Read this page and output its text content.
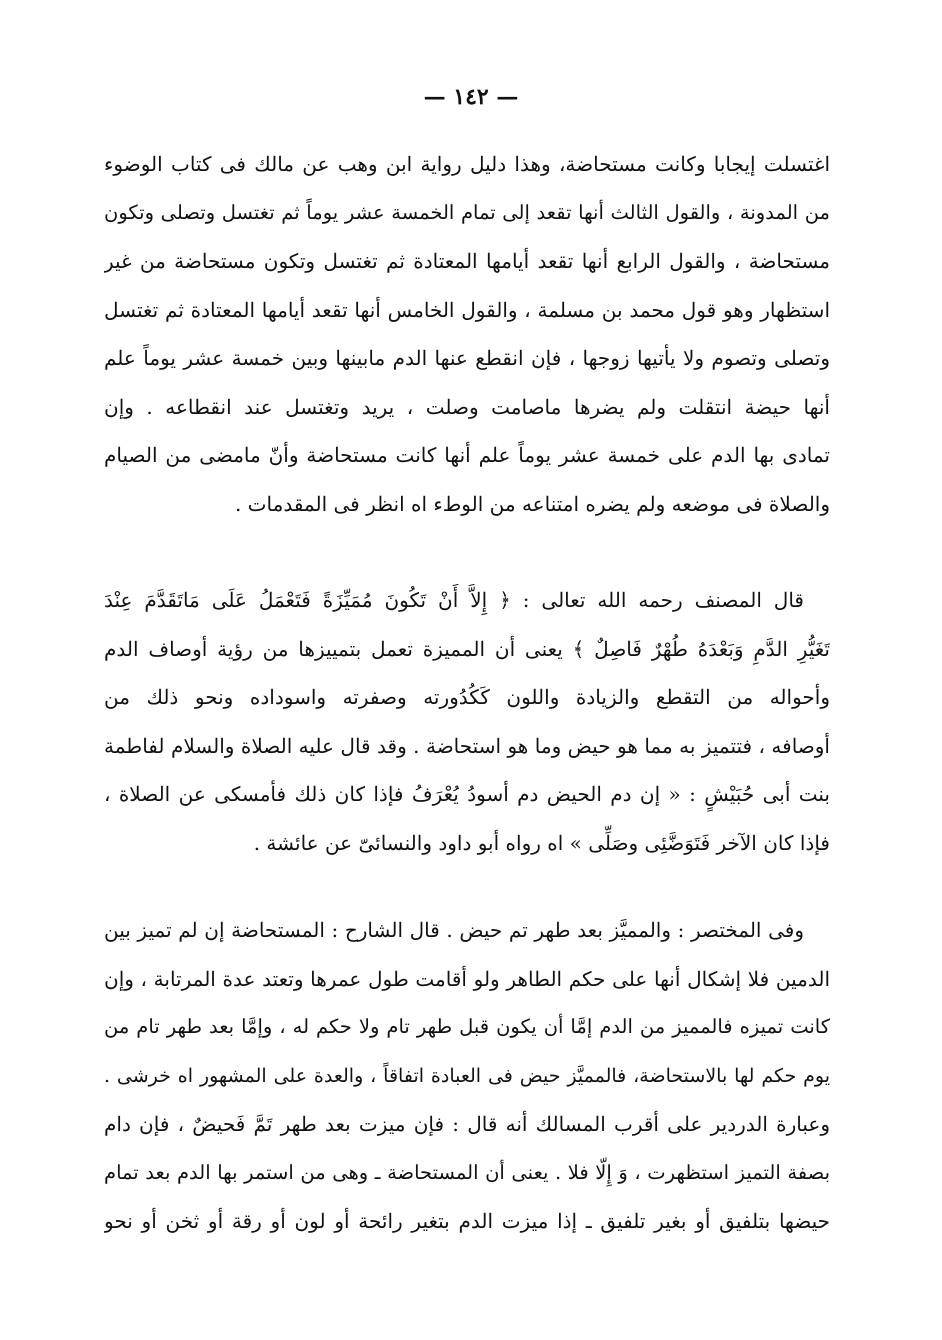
— ١٤٢ —
اغتسلت إيجابا وكانت مستحاضة، وهذا دليل رواية ابن وهب عن مالك فى كتاب الوضوء
من المدونة ، والقول الثالث أنها تقعد إلى تمام الخمسة عشر يوماً ثم تغتسل وتصلى وتكون
مستحاضة ، والقول الرابع أنها تقعد أيامها المعتادة ثم تغتسل وتكون مستحاضة من غير
استظهار وهو قول محمد بن مسلمة ، والقول الخامس أنها تقعد أيامها المعتادة ثم تغتسل
وتصلى وتصوم ولا يأتيها زوجها ، فإن انقطع عنها الدم مابينها وبين خمسة عشر يوماً علم
أنها حيضة انتقلت ولم يضرها ماصامت وصلت ، يريد وتغتسل عند انقطاعه . وإن
تمادى بها الدم على خمسة عشر يوماً علم أنها كانت مستحاضة وأنّ مامضى من الصيام
والصلاة فى موضعه ولم يضره امتناعه من الوطء اه انظر فى المقدمات .
قال المصنف رحمه الله تعالى : ﴿ إِلاَّ أَنْ تَكُونَ مُمَيِّزَةً فَتَعْمَلُ عَلَى مَاتَقَدَّمَ عِنْدَ
تَغَيُّرِ الدَّمِ وَبَعْدَهُ طُهْرٌ فَاصِلٌ ﴾ يعنى أن المميزة تعمل بتمييزها من رؤية أوصاف الدم
وأحواله من التقطع والزيادة واللون كَكُدُورته وصفرته واسوداده ونحو ذلك من
أوصافه ، فتتميز به مما هو حيض وما هو استحاضة . وقد قال عليه الصلاة والسلام لفاطمة
بنت أبى حُبَيْشٍ : « إن دم الحيض دم أسودُ يُعْرَفُ فإذا كان ذلك فأمسكى عن الصلاة ،
فإذا كان الآخر فَتَوَضَّئِى وصَلِّى » اه رواه أبو داود والنسائىّ عن عائشة .
وفى المختصر : والمميَّز بعد طهر تم حيض . قال الشارح : المستحاضة إن لم تميز بين
الدمين فلا إشكال أنها على حكم الطاهر ولو أقامت طول عمرها وتعتد عدة المرتابة ، وإن
كانت تميزه فالمميز من الدم إمَّا أن يكون قبل طهر تام ولا حكم له ، وإمَّا بعد طهر تام من
يوم حكم لها بالاستحاضة، فالمميَّز حيض فى العبادة اتفاقاً ، والعدة على المشهور اه خرشى .
وعبارة الدردير على أقرب المسالك أنه قال : فإن ميزت بعد طهر تَمَّ فَحيضٌ ، فإن دام
بصفة التميز استظهرت ، وَ إِلّا فلا . يعنى أن المستحاضة ـ وهى من استمر بها الدم بعد تمام
حيضها بتلفيق أو بغير تلفيق ـ إذا ميزت الدم بتغير رائحة أو لون أو رقة أو ثخن أو نحو
